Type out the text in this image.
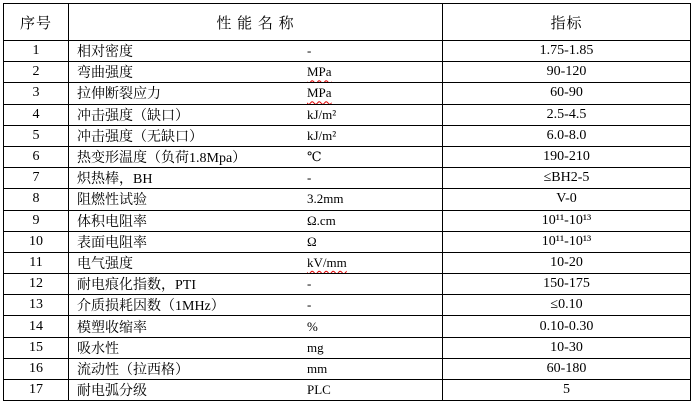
序号	性 能 名 称	指标
1	相对密度 -	1.75-1.85
2	弯曲强度 MPa	90-120
3	拉伸断裂应力 MPa	60-90
4	冲击强度（缺口） kJ/m²	2.5-4.5
5	冲击强度（无缺口） kJ/m²	6.0-8.0
6	热变形温度（负荷1.8Mpa） ℃	190-210
7	炽热棒，BH -	≤BH2-5
8	阻燃性试验 3.2mm	V-0
9	体积电阻率 Ω.cm	10¹¹-10¹³
10	表面电阻率 Ω	10¹¹-10¹³
11	电气强度 kV/mm	10-20
12	耐电痕化指数，PTI -	150-175
13	介质损耗因数（1MHz） -	≤0.10
14	模塑收缩率 %	0.10-0.30
15	吸水性 mg	10-30
16	流动性（拉西格） mm	60-180
17	耐电弧分级 PLC	5
